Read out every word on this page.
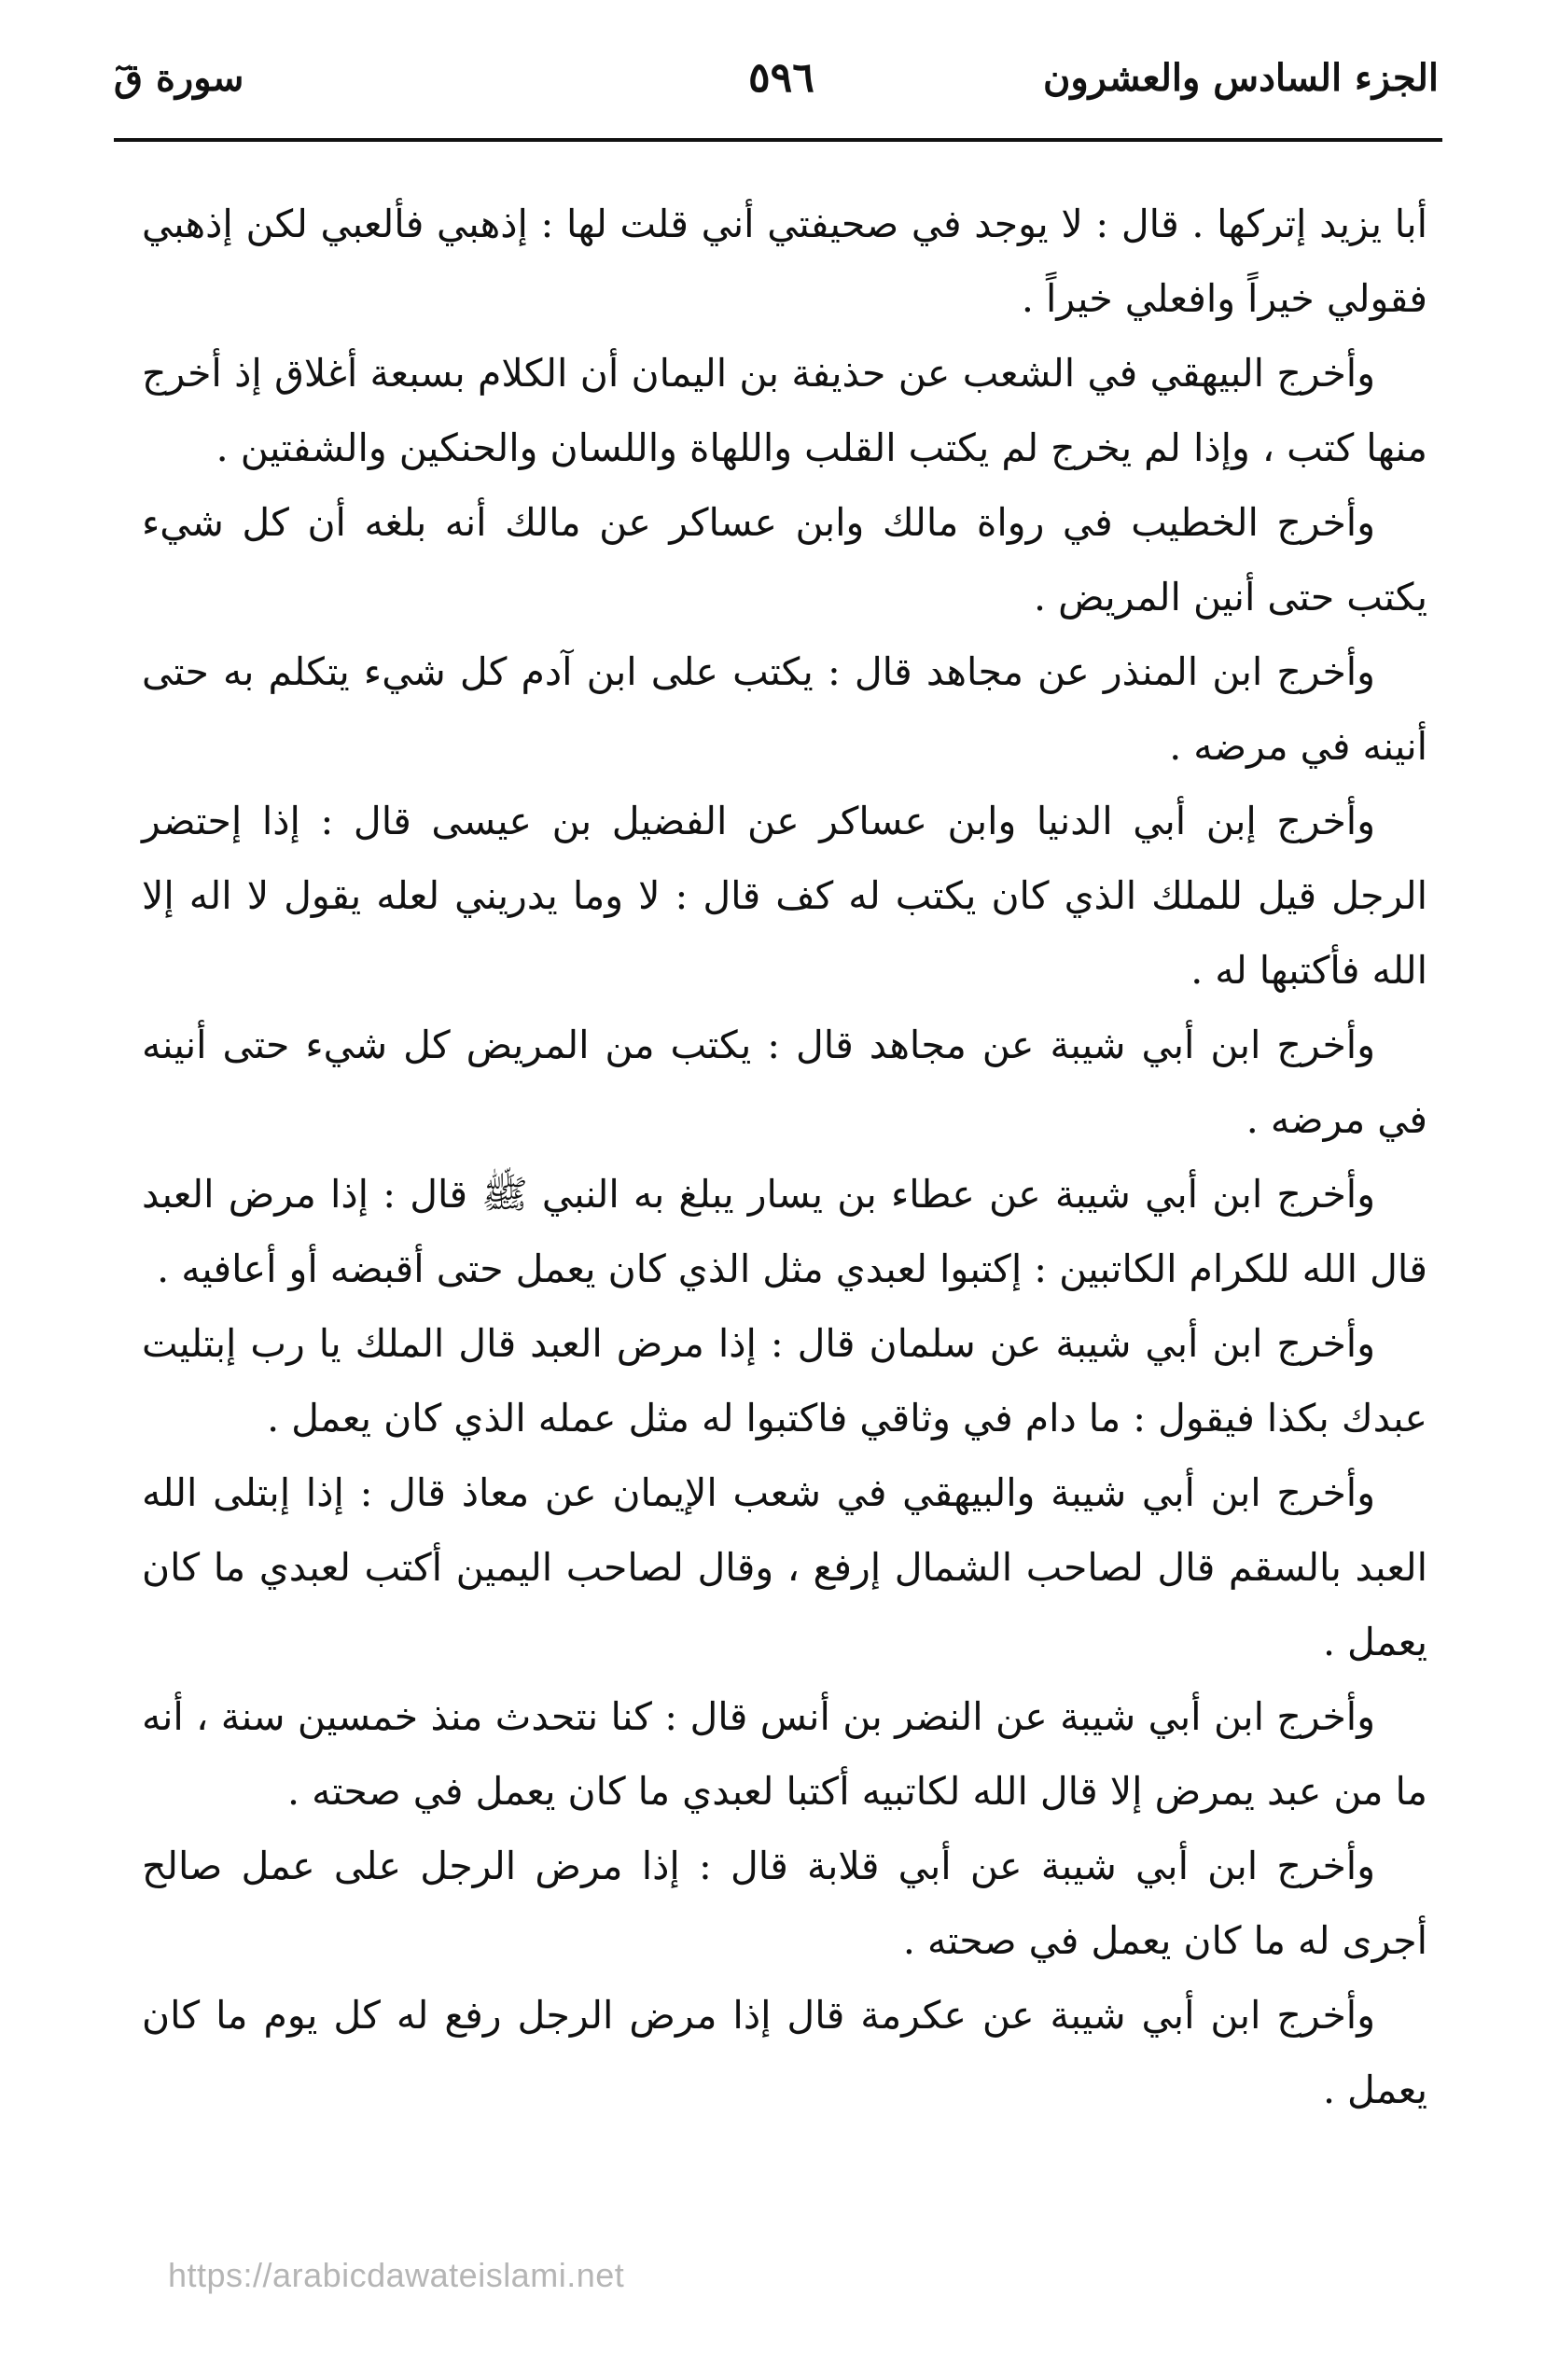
الجزء السادس والعشرون
٥٩٦
سورة قٓ

أبا يزيد إتركها . قال : لا يوجد في صحيفتي أني قلت لها : إذهبي فألعبي لكن إذهبي فقولي خيراً وافعلي خيراً .

وأخرج البيهقي في الشعب عن حذيفة بن اليمان أن الكلام بسبعة أغلاق إذ أخرج منها كتب ، وإذا لم يخرج لم يكتب القلب واللهاة واللسان والحنكين والشفتين .

وأخرج الخطيب في رواة مالك وابن عساكر عن مالك أنه بلغه أن كل شيء يكتب حتى أنين المريض .

وأخرج ابن المنذر عن مجاهد قال : يكتب على ابن آدم كل شيء يتكلم به حتى أنينه في مرضه .

وأخرج إبن أبي الدنيا وابن عساكر عن الفضيل بن عيسى قال : إذا إحتضر الرجل قيل للملك الذي كان يكتب له كف قال : لا وما يدريني لعله يقول لا اله إلا الله فأكتبها له .

وأخرج ابن أبي شيبة عن مجاهد قال : يكتب من المريض كل شيء حتى أنينه في مرضه .

وأخرج ابن أبي شيبة عن عطاء بن يسار يبلغ به النبي ﷺ قال : إذا مرض العبد قال الله للكرام الكاتبين : إكتبوا لعبدي مثل الذي كان يعمل حتى أقبضه أو أعافيه .

وأخرج ابن أبي شيبة عن سلمان قال : إذا مرض العبد قال الملك يا رب إبتليت عبدك بكذا فيقول : ما دام في وثاقي فاكتبوا له مثل عمله الذي كان يعمل .

وأخرج ابن أبي شيبة والبيهقي في شعب الإيمان عن معاذ قال : إذا إبتلى الله العبد بالسقم قال لصاحب الشمال إرفع ، وقال لصاحب اليمين أكتب لعبدي ما كان يعمل .

وأخرج ابن أبي شيبة عن النضر بن أنس قال : كنا نتحدث منذ خمسين سنة ، أنه ما من عبد يمرض إلا قال الله لكاتبيه أكتبا لعبدي ما كان يعمل في صحته .

وأخرج ابن أبي شيبة عن أبي قلابة قال : إذا مرض الرجل على عمل صالح أجرى له ما كان يعمل في صحته .

وأخرج ابن أبي شيبة عن عكرمة قال إذا مرض الرجل رفع له كل يوم ما كان يعمل .

https://arabicdawateislami.net
